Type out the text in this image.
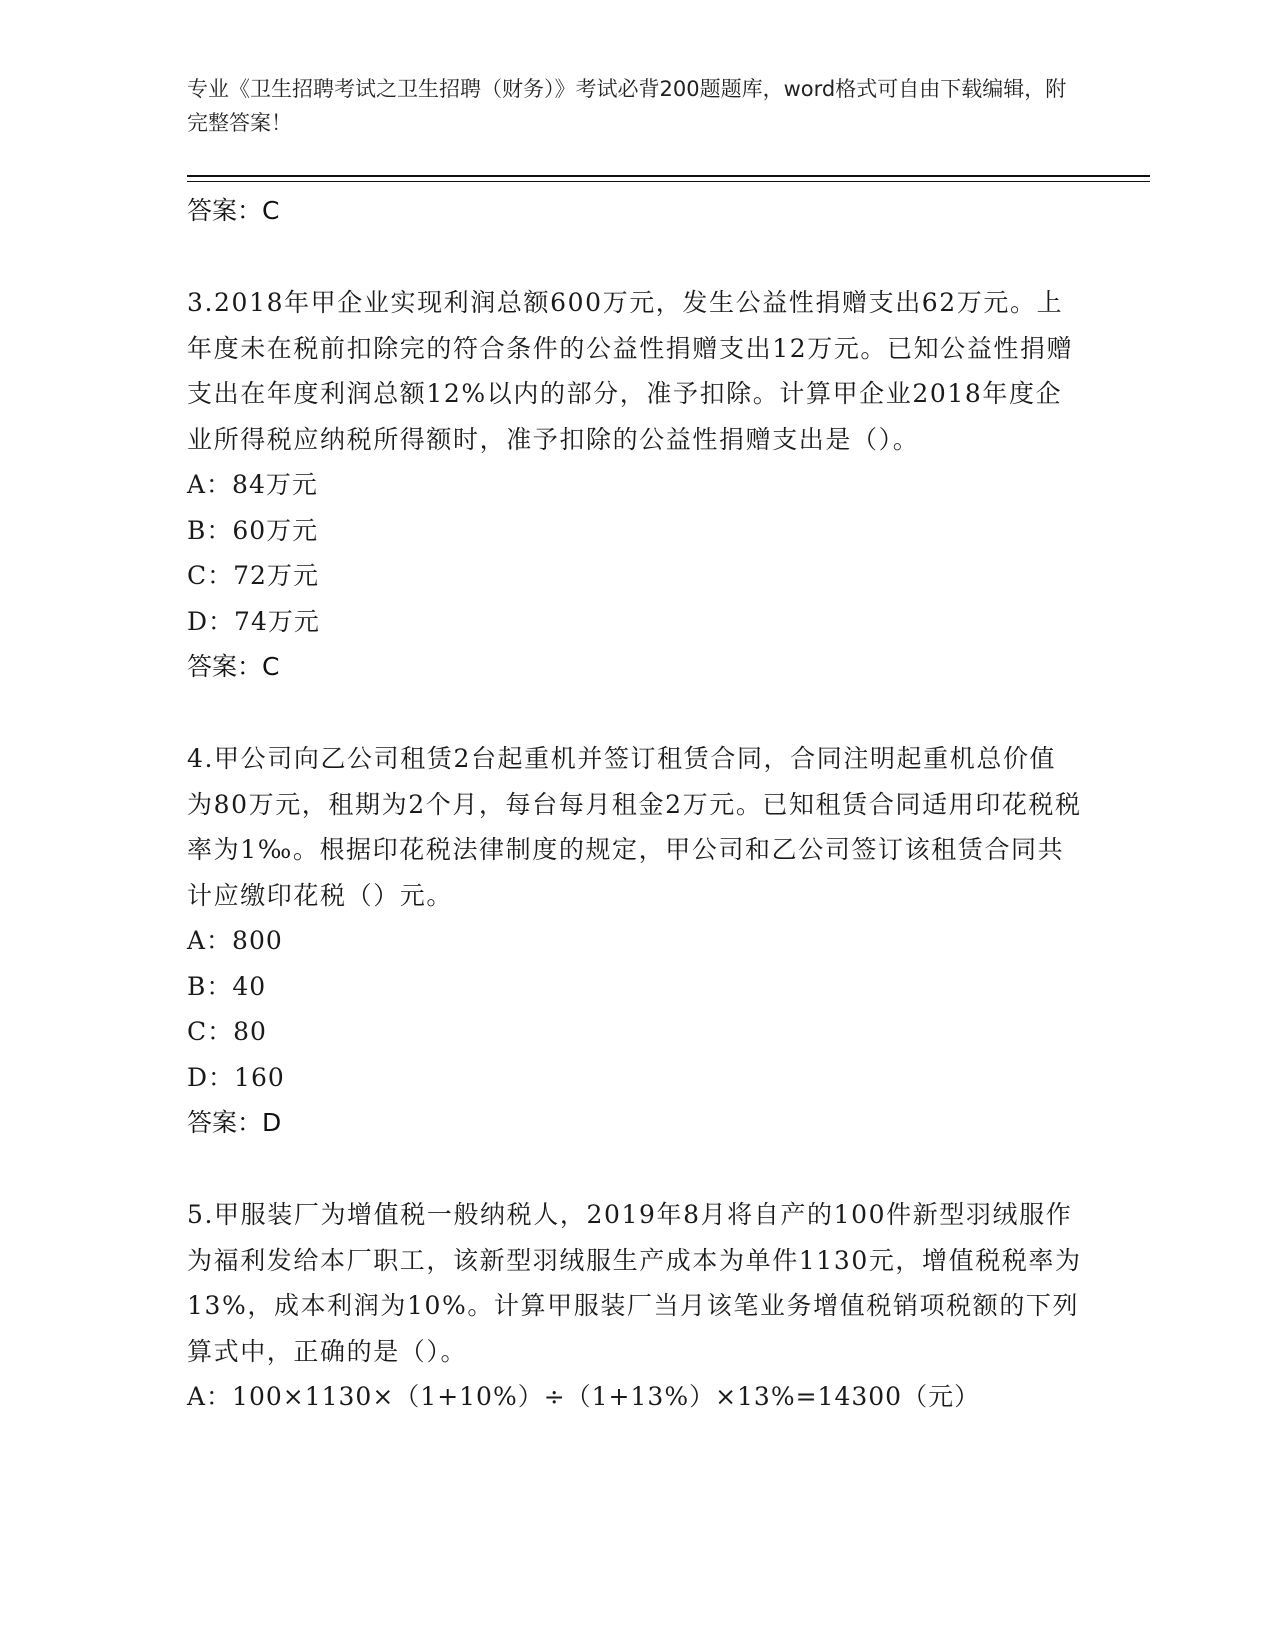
专业《卫生招聘考试之卫生招聘（财务）》考试必背200题题库，word格式可自由下载编辑，附完整答案！
答案：C
3.2018年甲企业实现利润总额600万元，发生公益性捐赠支出62万元。上年度未在税前扣除完的符合条件的公益性捐赠支出12万元。已知公益性捐赠支出在年度利润总额12%以内的部分，准予扣除。计算甲企业2018年度企业所得税应纳税所得额时，准予扣除的公益性捐赠支出是（）。
A：84万元
B：60万元
C：72万元
D：74万元
答案：C
4.甲公司向乙公司租赁2台起重机并签订租赁合同，合同注明起重机总价值为80万元，租期为2个月，每台每月租金2万元。已知租赁合同适用印花税税率为1‰。根据印花税法律制度的规定，甲公司和乙公司签订该租赁合同共计应缴印花税（）元。
A：800
B：40
C：80
D：160
答案：D
5.甲服装厂为增值税一般纳税人，2019年8月将自产的100件新型羽绒服作为福利发给本厂职工，该新型羽绒服生产成本为单件1130元，增值税税率为13%，成本利润为10%。计算甲服装厂当月该笔业务增值税销项税额的下列算式中，正确的是（）。
A：100×1130×（1+10%）÷（1+13%）×13%=14300（元）
